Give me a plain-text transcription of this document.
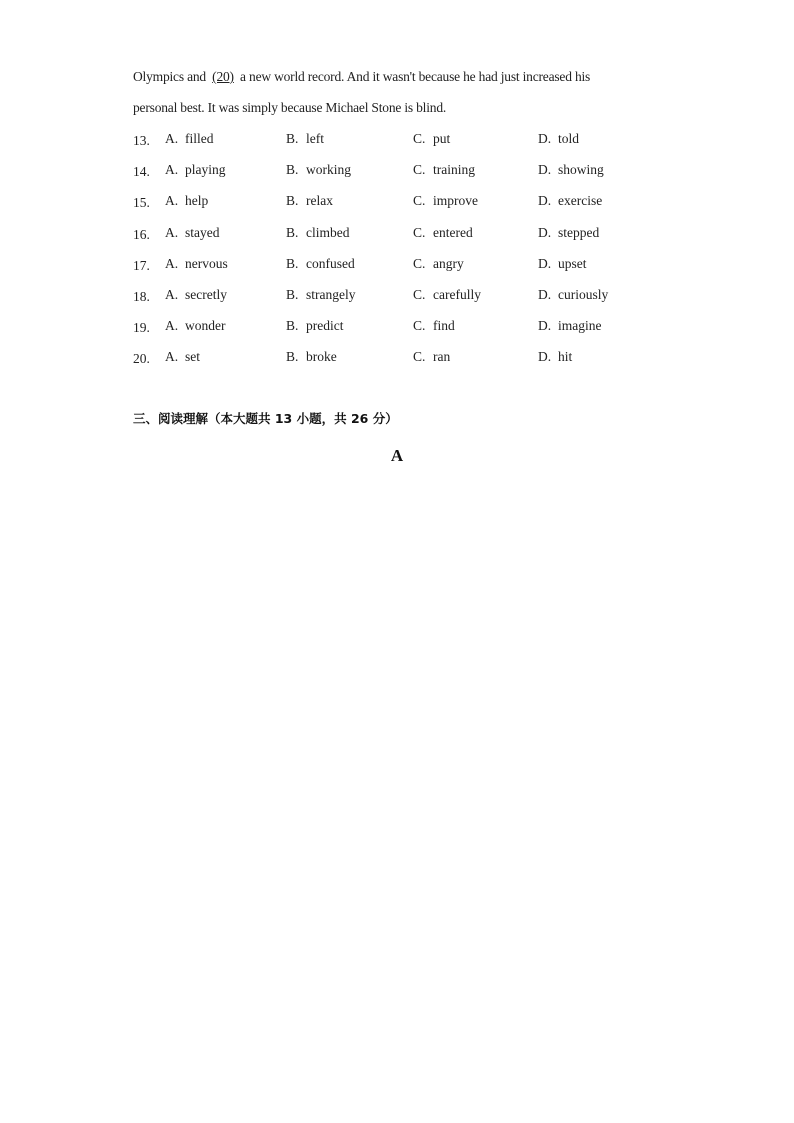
Olympics and (20) a new world record. And it wasn't because he had just increased his
personal best. It was simply because Michael Stone is blind.
13. A. filled	B. left	C. put	D. told
14. A. playing	B. working	C. training	D. showing
15. A. help	B. relax	C. improve	D. exercise
16. A. stayed	B. climbed	C. entered	D. stepped
17. A. nervous	B. confused	C. angry	D. upset
18. A. secretly	B. strangely	C. carefully	D. curiously
19. A. wonder	B. predict	C. find	D. imagine
20. A. set	B. broke	C. ran	D. hit
三、阅读理解（本大题共 13 小题，共 26 分）
A
